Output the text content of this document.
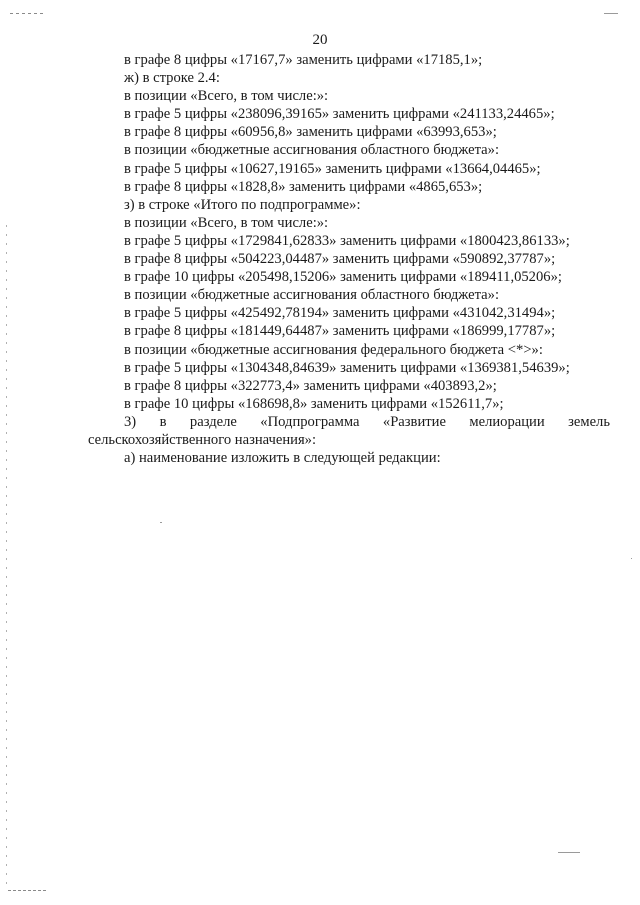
20
в графе 8 цифры «17167,7» заменить цифрами «17185,1»;
ж) в строке 2.4:
в позиции «Всего, в том числе:»:
в графе 5 цифры «238096,39165» заменить цифрами «241133,24465»;
в графе 8 цифры «60956,8» заменить цифрами «63993,653»;
в позиции «бюджетные ассигнования областного бюджета»:
в графе 5 цифры «10627,19165» заменить цифрами «13664,04465»;
в графе 8 цифры «1828,8» заменить цифрами «4865,653»;
з) в строке «Итого по подпрограмме»:
в позиции «Всего, в том числе:»:
в графе 5 цифры «1729841,62833» заменить цифрами «1800423,86133»;
в графе 8 цифры «504223,04487» заменить цифрами «590892,37787»;
в графе 10 цифры «205498,15206» заменить цифрами «189411,05206»;
в позиции «бюджетные ассигнования областного бюджета»:
в графе 5 цифры «425492,78194» заменить цифрами «431042,31494»;
в графе 8 цифры «181449,64487» заменить цифрами «186999,17787»;
в позиции «бюджетные ассигнования федерального бюджета <*>»:
в графе 5 цифры «1304348,84639» заменить цифрами «1369381,54639»;
в графе 8 цифры «322773,4» заменить цифрами «403893,2»;
в графе 10 цифры «168698,8» заменить цифрами «152611,7»;
3) в разделе «Подпрограмма «Развитие мелиорации земель
сельскохозяйственного назначения»:
а) наименование изложить в следующей редакции:
